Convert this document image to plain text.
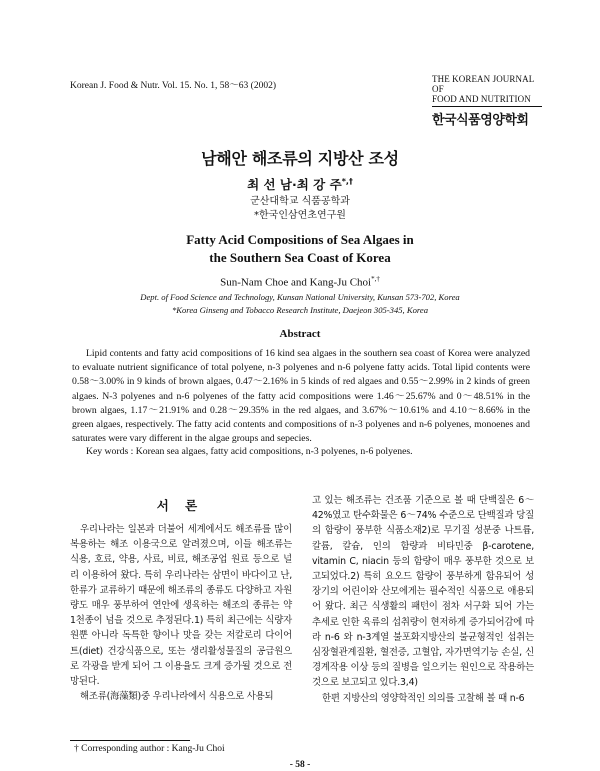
Korean J. Food & Nutr. Vol. 15. No. 1, 58～63 (2002)
THE KOREAN JOURNAL OF
FOOD AND NUTRITION
한국식품영양학회
남해안 해조류의 지방산 조성
최 선 남·최 강 주*,†
군산대학교 식품공학과
*한국인삼연초연구원
Fatty Acid Compositions of Sea Algaes in
the Southern Sea Coast of Korea
Sun-Nam Choe and Kang-Ju Choi*,†
Dept. of Food Science and Technology, Kunsan National University, Kunsan 573-702, Korea
*Korea Ginseng and Tobacco Research Institute, Daejeon 305-345, Korea
Abstract
Lipid contents and fatty acid compositions of 16 kind sea algaes in the southern sea coast of Korea were analyzed to evaluate nutrient significance of total polyene, n-3 polyenes and n-6 polyene fatty acids. Total lipid contents were 0.58～3.00% in 9 kinds of brown algaes, 0.47～2.16% in 5 kinds of red algaes and 0.55～2.99% in 2 kinds of green algaes. N-3 polyenes and n-6 polyenes of the fatty acid compositions were 1.46～25.67% and 0～48.51% in the brown algaes, 1.17～21.91% and 0.28～29.35% in the red algaes, and 3.67%～10.61% and 4.10～8.66% in the green algaes, respectively. The fatty acid contents and compositions of n-3 polyenes and n-6 polyenes, monoenes and saturates were vary different in the algae groups and sepecies.
Key words : Korean sea algaes, fatty acid compositions, n-3 polyenes, n-6 polyenes.
서 론

우리나라는 일본과 더불어 세계에서도 해조류를 많이 복용하는 해조 이용국으로 알려졌으며, 이들 해조류는 식용, 호료, 약용, 사료, 비료, 해조공업 원료 등으로 널리 이용하여 왔다. 특히 우리나라는 삼면이 바다이고 난, 한류가 교류하기 때문에 해조류의 종류도 다양하고 자원량도 매우 풍부하여 연안에 생육하는 해조의 종류는 약 1천종이 넘을 것으로 추정된다.1) 특히 최근에는 식량자원뿐 아니라 독특한 향이나 맛을 갖는 저칼로리 다이어트(diet) 건강식품으로, 또는 생리활성물질의 공급원으로 각광을 받게 되어 그 이용율도 크게 증가될 것으로 전망된다.

해조류(海藻類)중 우리나라에서 식용으로 사용되

고 있는 해조류는 건조품 기준으로 볼 때 단백질은 6～42%였고 탄수화물은 6～74% 수준으로 단백질과 당질의 함량이 풍부한 식품소재2)로 무기질 성분중 나트륨, 칼륨, 칼슘, 인의 함량과 비타민중 β-carotene, vitamin C, niacin 등의 함량이 매우 풍부한 것으로 보고되었다.2) 특히 요오드 함량이 풍부하게 함유되어 성장기의 어린이와 산모에게는 필수적인 식품으로 애용되어 왔다. 최근 식생활의 패턴이 점차 서구화 되어 가는 추세로 인한 육류의 섭취량이 현저하게 증가되어감에 따라 n-6 와 n-3계열 불포화지방산의 불균형적인 섭취는 심장혈관계질환, 혈전증, 고혈압, 자가면역기능 손실, 신경계작용 이상 등의 질병을 일으키는 원인으로 작용하는 것으로 보고되고 있다.3,4)

한편 지방산의 영양학적인 의의를 고찰해 볼 때 n-6

† Corresponding author : Kang-Ju Choi
- 58 -
